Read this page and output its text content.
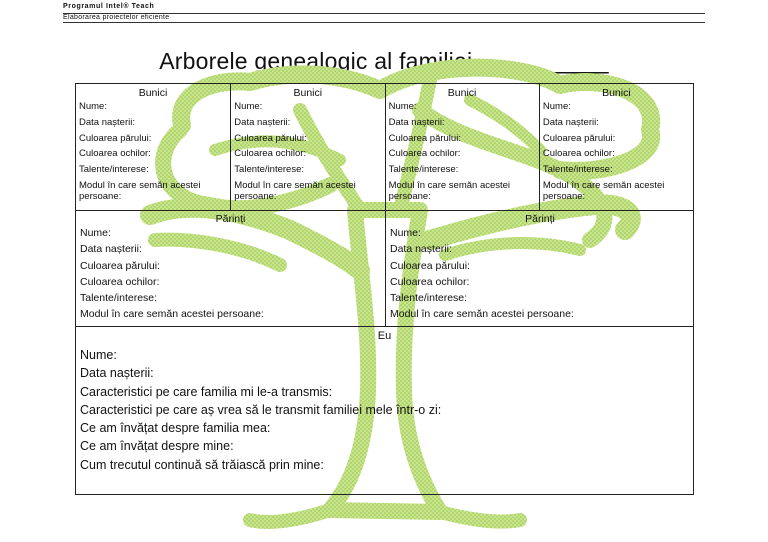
Programul Intel® Teach
Elaborarea proiectelor eficiente
Arborele genealogic al familiei __________
Bunici
Nume:
Data nașterii:
Culoarea părului:
Culoarea ochilor:
Talente/interese:
Modul în care semăn acestei persoane:
Bunici
Nume:
Data nașterii:
Culoarea părului:
Culoarea ochilor:
Talente/interese:
Modul în care semăn acestei persoane:
Bunici
Nume:
Data nașterii:
Culoarea părului:
Culoarea ochilor:
Talente/interese:
Modul în care semăn acestei persoane:
Bunici
Nume:
Data nașterii:
Culoarea părului:
Culoarea ochilor:
Talente/interese:
Modul în care semăn acestei persoane:
Părinți
Nume:
Data nașterii:
Culoarea părului:
Culoarea ochilor:
Talente/interese:
Modul în care semăn acestei persoane:
Părinți
Nume:
Data nașterii:
Culoarea părului:
Culoarea ochilor:
Talente/interese:
Modul în care semăn acestei persoane:
Eu
Nume:
Data nașterii:
Caracteristici pe care familia mi le-a transmis:
Caracteristici pe care aș vrea să le transmit familiei mele într-o zi:
Ce am învățat despre familia mea:
Ce am învățat despre mine:
Cum trecutul continuă să trăiască prin mine:
